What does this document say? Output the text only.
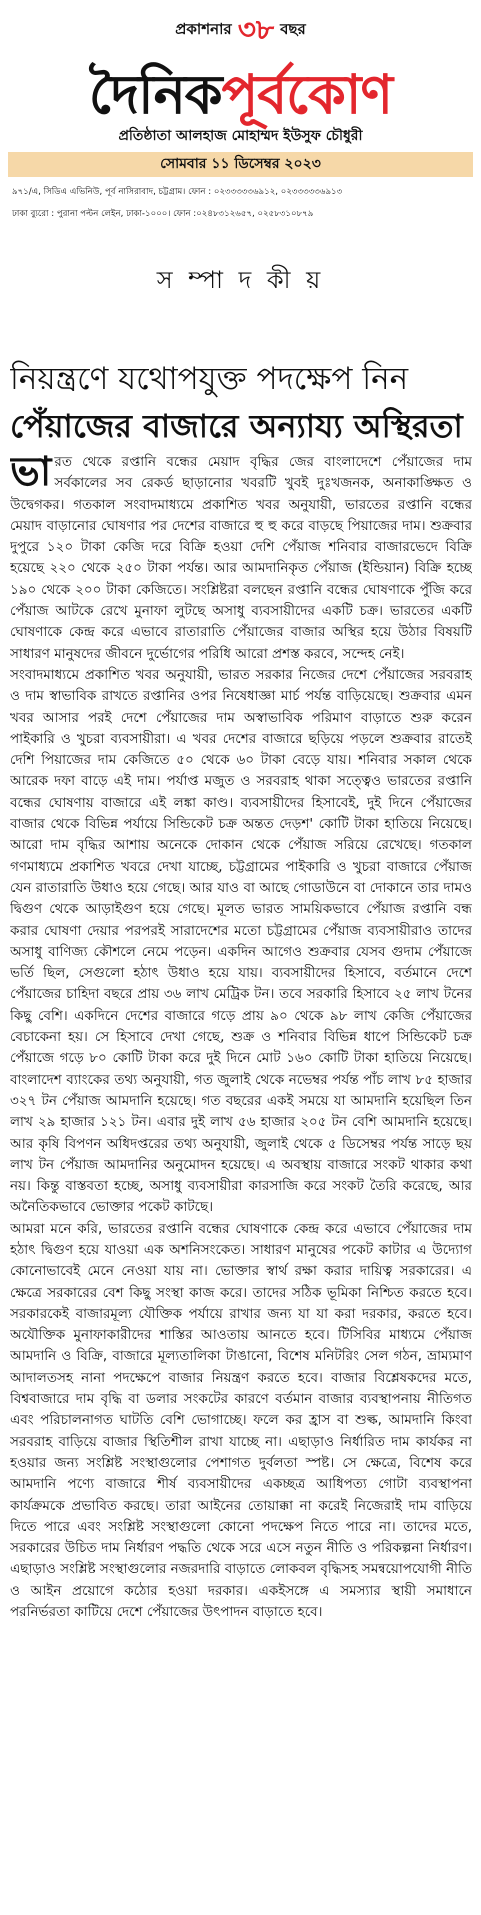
প্রকাশনার ৩৮ বছর
দৈনিক পূর্বকোণ
প্রতিষ্ঠাতা আলহাজ মোহাম্মদ ইউসুফ চৌধুরী
সোমবার ১১ ডিসেম্বর ২০২৩
৯৭১/এ, সিডিএ এভিনিউ, পূর্ব নাসিরাবাদ, চট্টগ্রাম। ফোন : ০২৩৩৩৩৩৬৯১২, ০২৩৩৩৩৩৬৯১৩
ঢাকা ব্যুরো : পুরানা পল্টন লেইন, ঢাকা-১০০০। ফোন :০২৪৮৩১২৬৫৭, ০২৫৮৩১০৮৭৯
স ম্পা দ কী য়
নিয়ন্ত্রণে যথোপযুক্ত পদক্ষেপ নিন
পেঁয়াজের বাজারে অন্যায্য অস্থিরতা

ভারত থেকে রপ্তানি বন্ধের মেয়াদ বৃদ্ধির জের বাংলাদেশে পেঁয়াজের দাম সর্বকালের সব রেকর্ড ছাড়ানোর খবরটি খুবই দুঃখজনক, অনাকাঙ্ক্ষিত ও উদ্বেগকর। গতকাল সংবাদমাধ্যমে প্রকাশিত খবর অনুযায়ী, ভারতের রপ্তানি বন্ধের মেয়াদ বাড়ানোর ঘোষণার পর দেশের বাজারে হু হু করে বাড়ছে পিয়াজের দাম। শুক্রবার দুপুরে ১২০ টাকা কেজি দরে বিক্রি হওয়া দেশি পেঁয়াজ শনিবার বাজারভেদে বিক্রি হয়েছে ২২০ থেকে ২৫০ টাকা পর্যন্ত। আর আমদানিকৃত পেঁয়াজ (ইন্ডিয়ান) বিক্রি হচ্ছে ১৯০ থেকে ২০০ টাকা কেজিতে। সংশ্লিষ্টরা বলছেন রপ্তানি বন্ধের ঘোষণাকে পুঁজি করে পেঁয়াজ আটকে রেখে মুনাফা লুটছে অসাধু ব্যবসায়ীদের একটি চক্র। ভারতের একটি ঘোষণাকে কেন্দ্র করে এভাবে রাতারাতি পেঁয়াজের বাজার অস্থির হয়ে উঠার বিষয়টি সাধারণ মানুষদের জীবনে দুর্ভোগের পরিধি আরো প্রশস্ত করবে, সন্দেহ নেই।

সংবাদমাধ্যমে প্রকাশিত খবর অনুযায়ী, ভারত সরকার নিজের দেশে পেঁয়াজের সরবরাহ ও দাম স্বাভাবিক রাখতে রপ্তানির ওপর নিষেধাজ্ঞা মার্চ পর্যন্ত বাড়িয়েছে। শুক্রবার এমন খবর আসার পরই দেশে পেঁয়াজের দাম অস্বাভাবিক পরিমাণ বাড়াতে শুরু করেন পাইকারি ও খুচরা ব্যবসায়ীরা। এ খবর দেশের বাজারে ছড়িয়ে পড়লে শুক্রবার রাতেই দেশি পিয়াজের দাম কেজিতে ৫০ থেকে ৬০ টাকা বেড়ে যায়। শনিবার সকাল থেকে আরেক দফা বাড়ে এই দাম। পর্যাপ্ত মজুত ও সরবরাহ থাকা সত্ত্বেও ভারতের রপ্তানি বন্ধের ঘোষণায় বাজারে এই লঙ্কা কাণ্ড। ব্যবসায়ীদের হিসাবেই, দুই দিনে পেঁয়াজের বাজার থেকে বিভিন্ন পর্যায়ে সিন্ডিকেট চক্র অন্তত দেড়শ' কোটি টাকা হাতিয়ে নিয়েছে। আরো দাম বৃদ্ধির আশায় অনেকে দোকান থেকে পেঁয়াজ সরিয়ে রেখেছে। গতকাল গণমাধ্যমে প্রকাশিত খবরে দেখা যাচ্ছে, চট্টগ্রামের পাইকারি ও খুচরা বাজারে পেঁয়াজ যেন রাতারাতি উধাও হয়ে গেছে। আর যাও বা আছে গোডাউনে বা দোকানে তার দামও দ্বিগুণ থেকে আড়াইগুণ হয়ে গেছে। মূলত ভারত সাময়িকভাবে পেঁয়াজ রপ্তানি বন্ধ করার ঘোষণা দেয়ার পরপরই সারাদেশের মতো চট্টগ্রামের পেঁয়াজ ব্যবসায়ীরাও তাদের অসাধু বাণিজ্য কৌশলে নেমে পড়েন। একদিন আগেও শুক্রবার যেসব গুদাম পেঁয়াজে ভর্তি ছিল, সেগুলো হঠাৎ উধাও হয়ে যায়। ব্যবসায়ীদের হিসাবে, বর্তমানে দেশে পেঁয়াজের চাহিদা বছরে প্রায় ৩৬ লাখ মেট্রিক টন। তবে সরকারি হিসাবে ২৫ লাখ টনের কিছু বেশি। একদিনে দেশের বাজারে গড়ে প্রায় ৯০ থেকে ৯৮ লাখ কেজি পেঁয়াজের বেচাকেনা হয়। সে হিসাবে দেখা গেছে, শুক্র ও শনিবার বিভিন্ন ধাপে সিন্ডিকেট চক্র পেঁয়াজে গড়ে ৮০ কোটি টাকা করে দুই দিনে মোট ১৬০ কোটি টাকা হাতিয়ে নিয়েছে। বাংলাদেশ ব্যাংকের তথ্য অনুযায়ী, গত জুলাই থেকে নভেম্বর পর্যন্ত পাঁচ লাখ ৮৫ হাজার ৩২৭ টন পেঁয়াজ আমদানি হয়েছে। গত বছরের একই সময়ে যা আমদানি হয়েছিল তিন লাখ ২৯ হাজার ১২১ টন। এবার দুই লাখ ৫৬ হাজার ২০৫ টন বেশি আমদানি হয়েছে। আর কৃষি বিপণন অধিদপ্তরের তথ্য অনুযায়ী, জুলাই থেকে ৫ ডিসেম্বর পর্যন্ত সাড়ে ছয় লাখ টন পেঁয়াজ আমদানির অনুমোদন হয়েছে। এ অবস্থায় বাজারে সংকট থাকার কথা নয়। কিন্তু বাস্তবতা হচ্ছে, অসাধু ব্যবসায়ীরা কারসাজি করে সংকট তৈরি করেছে, আর অনৈতিকভাবে ভোক্তার পকেট কাটছে।

আমরা মনে করি, ভারতের রপ্তানি বন্ধের ঘোষণাকে কেন্দ্র করে এভাবে পেঁয়াজের দাম হঠাৎ দ্বিগুণ হয়ে যাওয়া এক অশনিসংকেত। সাধারণ মানুষের পকেট কাটার এ উদ্যোগ কোনোভাবেই মেনে নেওয়া যায় না। ভোক্তার স্বার্থ রক্ষা করার দায়িত্ব সরকারের। এ ক্ষেত্রে সরকারের বেশ কিছু সংস্থা কাজ করে। তাদের সঠিক ভূমিকা নিশ্চিত করতে হবে। সরকারকেই বাজারমূল্য যৌক্তিক পর্যায়ে রাখার জন্য যা যা করা দরকার, করতে হবে। অযৌক্তিক মুনাফাকারীদের শাস্তির আওতায় আনতে হবে। টিসিবির মাধ্যমে পেঁয়াজ আমদানি ও বিক্রি, বাজারে মূল্যতালিকা টাঙানো, বিশেষ মনিটরিং সেল গঠন, ভ্রাম্যমাণ আদালতসহ নানা পদক্ষেপে বাজার নিয়ন্ত্রণ করতে হবে। বাজার বিশ্লেষকদের মতে, বিশ্ববাজারে দাম বৃদ্ধি বা ডলার সংকটের কারণে বর্তমান বাজার ব্যবস্থাপনায় নীতিগত এবং পরিচালনাগত ঘাটতি বেশি ভোগাচ্ছে। ফলে কর হ্রাস বা শুল্ক, আমদানি কিংবা সরবরাহ বাড়িয়ে বাজার স্থিতিশীল রাখা যাচ্ছে না। এছাড়াও নির্ধারিত দাম কার্যকর না হওয়ার জন্য সংশ্লিষ্ট সংস্থাগুলোর পেশাগত দুর্বলতা স্পষ্ট। সে ক্ষেত্রে, বিশেষ করে আমদানি পণ্যে বাজারে শীর্ষ ব্যবসায়ীদের একচ্ছত্র আধিপত্য গোটা ব্যবস্থাপনা কার্যক্রমকে প্রভাবিত করছে। তারা আইনের তোয়াক্কা না করেই নিজেরাই দাম বাড়িয়ে দিতে পারে এবং সংশ্লিষ্ট সংস্থাগুলো কোনো পদক্ষেপ নিতে পারে না। তাদের মতে, সরকারের উচিত দাম নির্ধারণ পদ্ধতি থেকে সরে এসে নতুন নীতি ও পরিকল্পনা নির্ধারণ। এছাড়াও সংশ্লিষ্ট সংস্থাগুলোর নজরদারি বাড়াতে লোকবল বৃদ্ধিসহ সমন্বয়োপযোগী নীতি ও আইন প্রয়োগে কঠোর হওয়া দরকার। একইসঙ্গে এ সমস্যার স্থায়ী সমাধানে পরনির্ভরতা কাটিয়ে দেশে পেঁয়াজের উৎপাদন বাড়াতে হবে।
